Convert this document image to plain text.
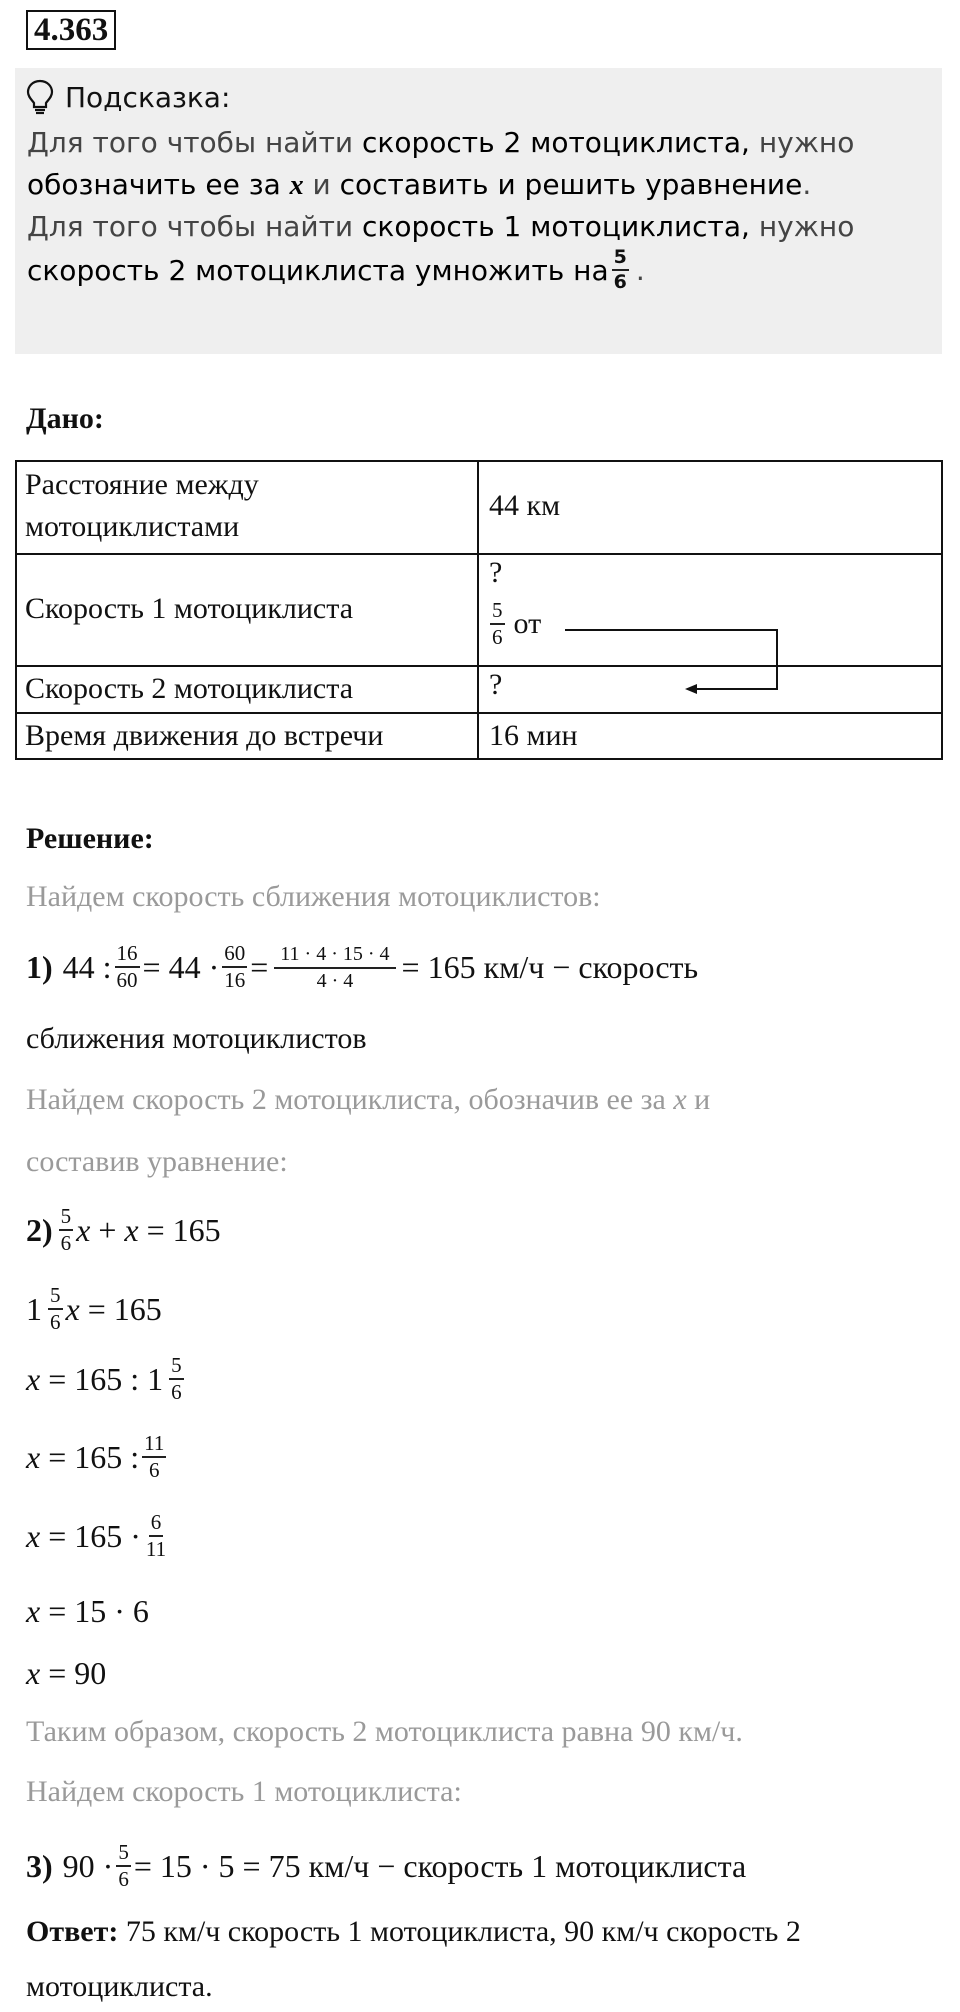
4.363
Подсказка:
Для того чтобы найти скорость 2 мотоциклиста, нужно
обозначить ее за x и составить и решить уравнение.
Для того чтобы найти скорость 1 мотоциклиста, нужно
скорость 2 мотоциклиста умножить на $\frac{5}{6}$ .
Дано:
Расстояние между
мотоциклистами
44 км
Скорость 1 мотоциклиста
?
$\frac{5}{6}$ от
Скорость 2 мотоциклиста	?
Время движения до встречи	16 мин
Решение:
Найдем скорость сближения мотоциклистов:
1) 44 : $\frac{16}{60} = 44 \cdot \frac{60}{16} = \frac{11 \cdot 4 \cdot 15 \cdot 4}{4 \cdot 4} = 165$ км/ч − скорость
сближения мотоциклистов
Найдем скорость 2 мотоциклиста, обозначив ее за x и
составив уравнение:
$2) \frac{5}{6}$ x + x = 165
$1 \frac{5}{6}$ x = 165
x = 165 : $1 \frac{5}{6}$
x = 165 : $\frac{11}{6}$
$x = 165 \cdot \frac{6}{11}$
x = 15 · 6
x = 90
Таким образом, скорость 2 мотоциклиста равна 90 км/ч.
Найдем скорость 1 мотоциклиста:
3) $90 \cdot \frac{5}{6} = 15 \cdot 5 = 75$ км/ч − скорость 1 мотоциклиста
Ответ: 75 км/ч скорость 1 мотоциклиста, 90 км/ч скорость 2
мотоциклиста.
